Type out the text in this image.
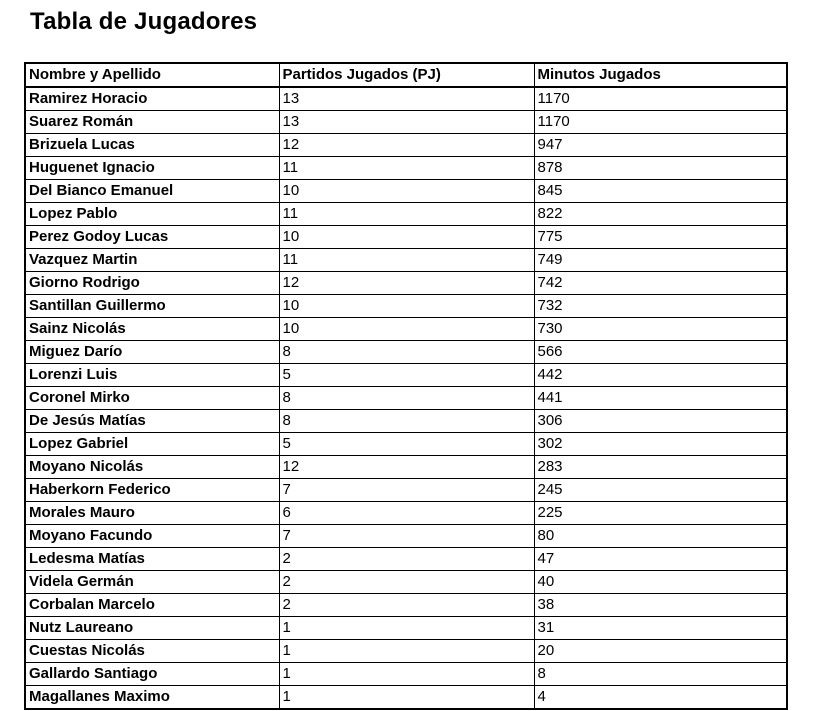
Tabla de Jugadores
Nombre y Apellido	Partidos Jugados (PJ)	Minutos Jugados
Ramirez Horacio	13	1170
Suarez Román	13	1170
Brizuela Lucas	12	947
Huguenet Ignacio	11	878
Del Bianco Emanuel	10	845
Lopez Pablo	11	822
Perez Godoy Lucas	10	775
Vazquez Martin	11	749
Giorno Rodrigo	12	742
Santillan Guillermo	10	732
Sainz Nicolás	10	730
Miguez Darío	8	566
Lorenzi Luis	5	442
Coronel Mirko	8	441
De Jesús Matías	8	306
Lopez Gabriel	5	302
Moyano Nicolás	12	283
Haberkorn Federico	7	245
Morales Mauro	6	225
Moyano Facundo	7	80
Ledesma Matías	2	47
Videla Germán	2	40
Corbalan Marcelo	2	38
Nutz Laureano	1	31
Cuestas Nicolás	1	20
Gallardo Santiago	1	8
Magallanes Maximo	1	4
